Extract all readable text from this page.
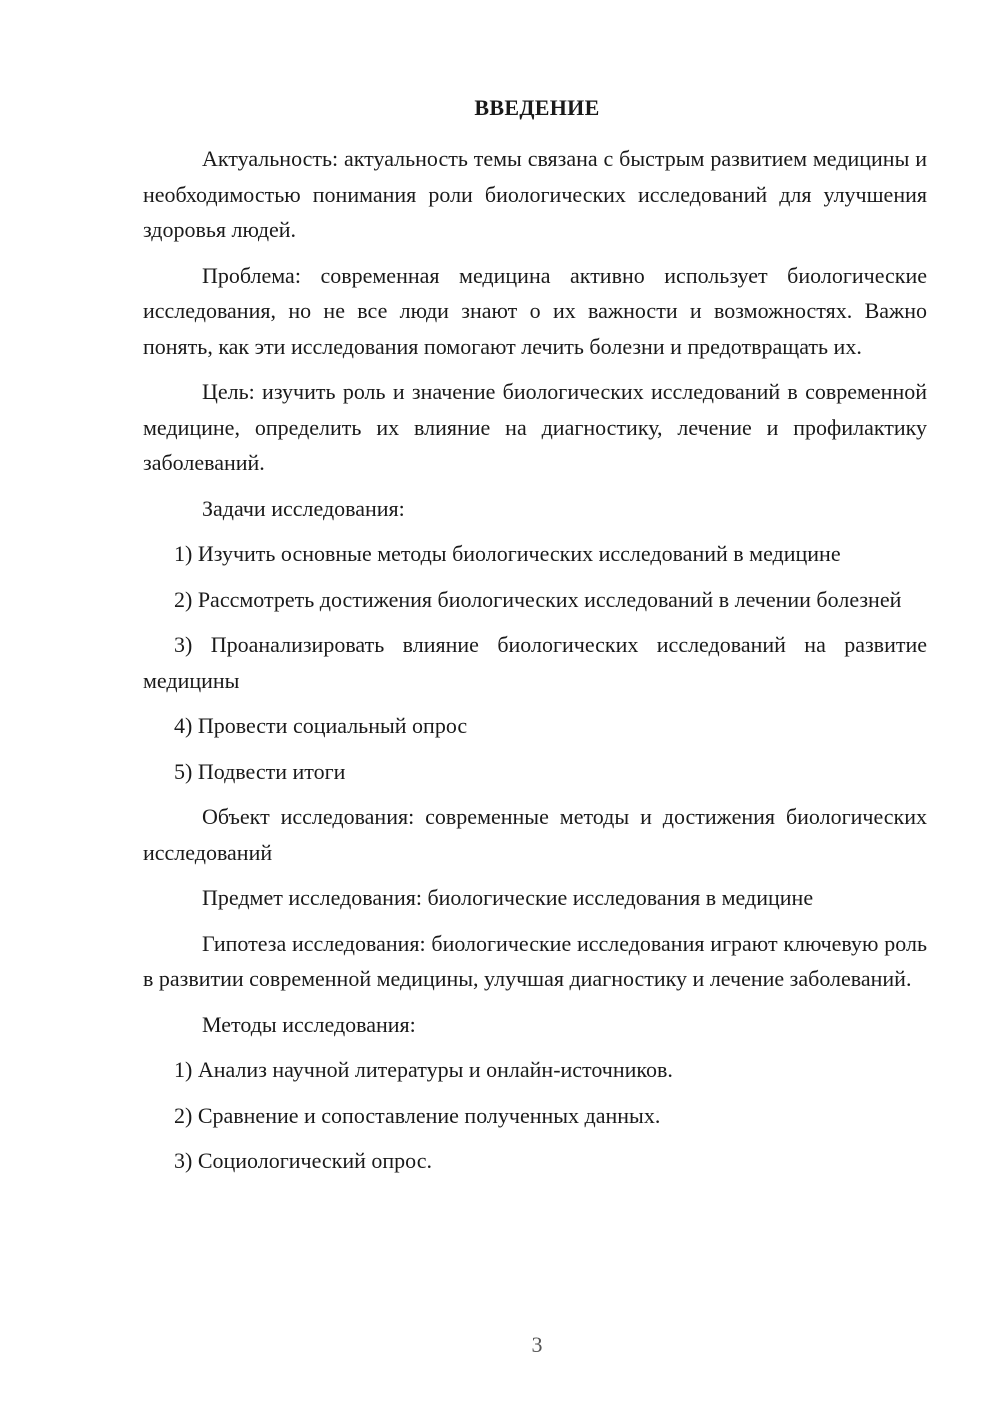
ВВЕДЕНИЕ

Актуальность: актуальность темы связана с быстрым развитием медицины и необходимостью понимания роли биологических исследований для улучшения здоровья людей.

Проблема: современная медицина активно использует биологические исследования, но не все люди знают о их важности и возможностях. Важно понять, как эти исследования помогают лечить болезни и предотвращать их.

Цель: изучить роль и значение биологических исследований в современной медицине, определить их влияние на диагностику, лечение и профилактику заболеваний.

Задачи исследования:

1) Изучить основные методы биологических исследований в медицине

2) Рассмотреть достижения биологических исследований в лечении болезней

3) Проанализировать влияние биологических исследований на развитие медицины

4) Провести социальный опрос

5) Подвести итоги

Объект исследования: современные методы и достижения биологических исследований

Предмет исследования: биологические исследования в медицине

Гипотеза исследования: биологические исследования играют ключевую роль в развитии современной медицины, улучшая диагностику и лечение заболеваний.

Методы исследования:

1) Анализ научной литературы и онлайн-источников.

2) Сравнение и сопоставление полученных данных.

3) Социологический опрос.

3
